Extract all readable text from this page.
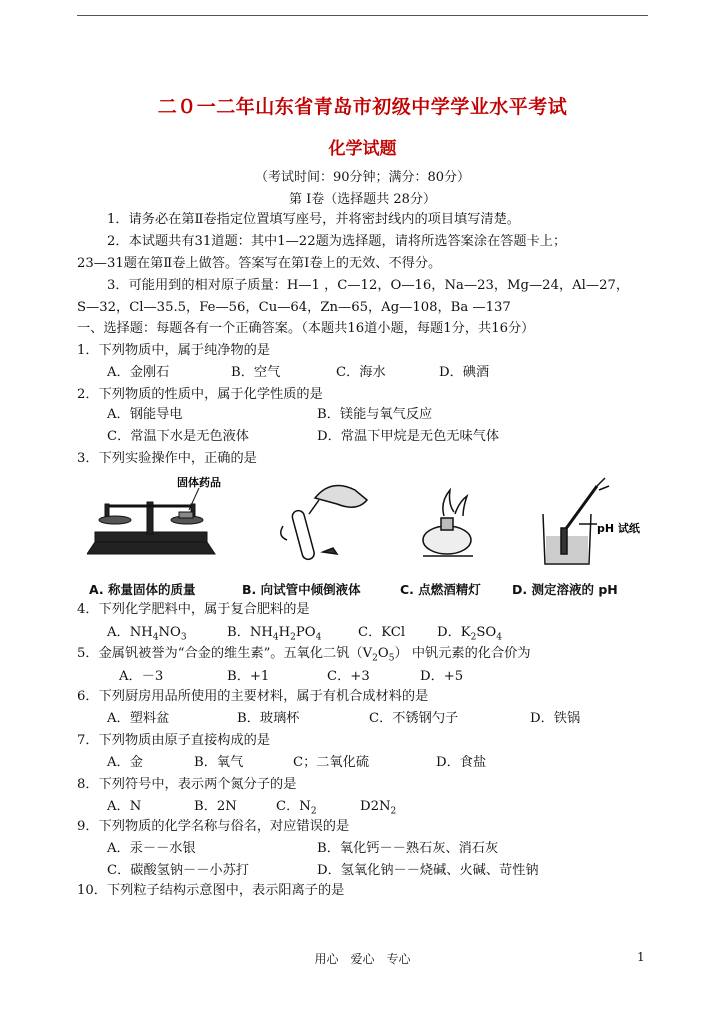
二０一二年山东省青岛市初级中学学业水平考试
化学试题
（考试时间：90分钟；满分：80分）
第 Ⅰ卷（选择题共 28分）
1．请务必在第Ⅱ卷指定位置填写座号，并将密封线内的项目填写清楚。
2．本试题共有31道题：其中1—22题为选择题，请将所选答案涂在答题卡上；
23—31题在第Ⅱ卷上做答。答案写在第Ⅰ卷上的无效、不得分。
3．可能用到的相对原子质量：H—1 ，C—12，O—16，Na—23，Mg—24，Al—27，
S—32，Cl—35.5，Fe—56，Cu—64，Zn—65，Ag—108，Ba —137
一、选择题：每题各有一个正确答案。（本题共16道小题，每题1分，共16分）
1．下列物质中，属于纯净物的是
A．金刚石	B．空气	C．海水	D．碘酒
2．下列物质的性质中，属于化学性质的是
A．钢能导电	B．镁能与氧气反应
C．常温下水是无色液体	D．常温下甲烷是无色无味气体
3．下列实验操作中，正确的是
固体药品
pH 试纸
A. 称量固体的质量	B. 向试管中倾倒液体	C. 点燃酒精灯 D. 测定溶液的 pH
4．下列化学肥料中，属于复合肥料的是
A．$NH_4NO_3$	B．$NH_4H_2PO_4$	C．KCl D．$K_2SO_4$
5．金属钒被誉为“合金的维生素”。五氧化二钒$(V_2O_5)$ 中钒元素的化合价为
A．－3	B．+1	C．+3	D．+5
6．下列厨房用品所使用的主要材料，属于有机合成材料的是
A．塑料盆	B．玻璃杯	C．不锈钢勺子	D．铁锅
7．下列物质由原子直接构成的是
A．金	B．氧气	C；二氧化硫	D．食盐
8．下列符号中，表示两个氮分子的是
A．N	B．2N	C．$N_2$	$D2N_2$
9．下列物质的化学名称与俗名，对应错误的是
A．汞－－水银	B．氧化钙－－熟石灰、消石灰
C．碳酸氢钠－－小苏打	D．氢氧化钠－－烧碱、火碱、苛性钠
10．下列粒子结构示意图中，表示阳离子的是
用心　爱心　专心	1
